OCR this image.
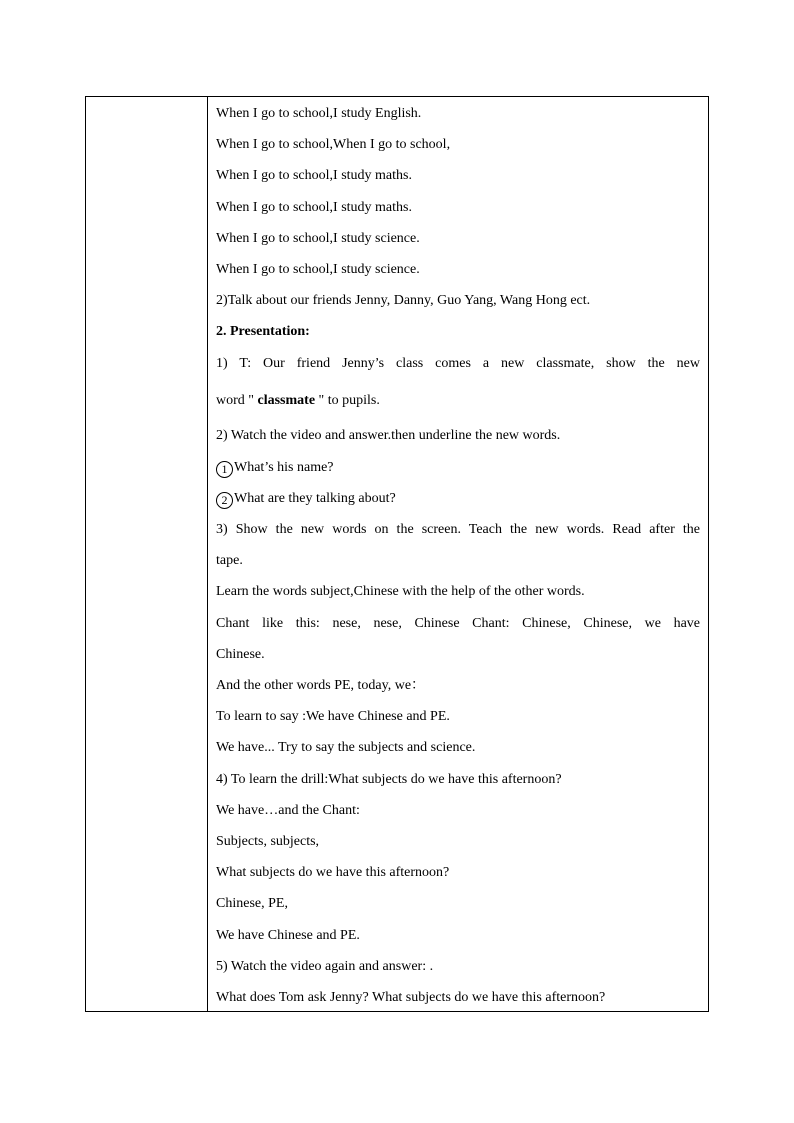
When I go to school,I study English.
When I go to school,When I go to school,
When I go to school,I study maths.
When I go to school,I study maths.
When I go to school,I study science.
When I go to school,I study science.
2)Talk about our friends Jenny, Danny, Guo Yang, Wang Hong ect.
2. Presentation:
1) T: Our friend Jenny’s class comes a new classmate, show the new
word " classmate " to pupils.
2) Watch the video and answer.then underline the new words.
1 What’s his name?
2 What are they talking about?
3) Show the new words on the screen. Teach the new words. Read after the
tape.
Learn the words subject,Chinese with the help of the other words.
Chant like this: nese, nese, Chinese Chant: Chinese, Chinese, we have
Chinese.
And the other words PE, today, we：
To learn to say :We have Chinese and PE.
We have... Try to say the subjects and science.
4) To learn the drill:What subjects do we have this afternoon?
We have…and the Chant:
Subjects, subjects,
What subjects do we have this afternoon?
Chinese, PE,
We have Chinese and PE.
5) Watch the video again and answer: .
What does Tom ask Jenny? What subjects do we have this afternoon?
